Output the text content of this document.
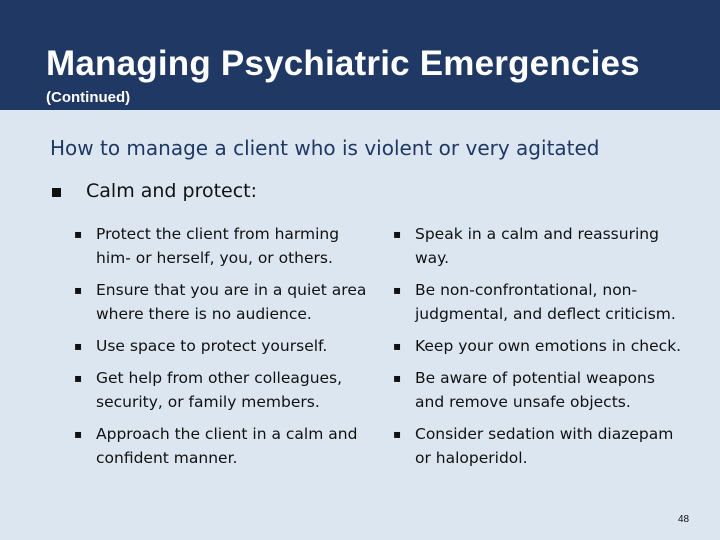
Managing Psychiatric Emergencies
(Continued)
How to manage a client who is violent or very agitated
Calm and protect:
▪ Protect the client from harming him- or herself, you, or others.
▪ Ensure that you are in a quiet area where there is no audience.
▪ Use space to protect yourself.
▪ Get help from other colleagues, security, or family members.
▪ Approach the client in a calm and confident manner.
▪ Speak in a calm and reassuring way.
▪ Be non-confrontational, non-judgmental, and deflect criticism.
▪ Keep your own emotions in check.
▪ Be aware of potential weapons and remove unsafe objects.
▪ Consider sedation with diazepam or haloperidol.
48
